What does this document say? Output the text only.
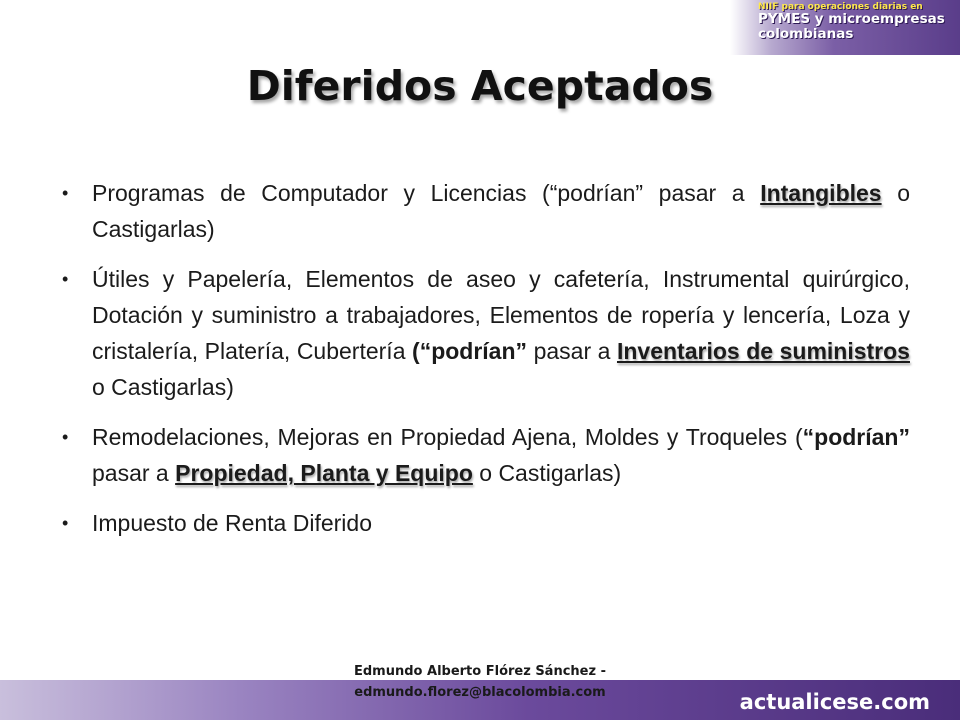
NIIF para operaciones diarias en
PYMES y microempresas
colombianas
Diferidos Aceptados
• Programas de Computador y Licencias (“podrían” pasar a Intangibles o Castigarlas)
• Útiles y Papelería, Elementos de aseo y cafetería, Instrumental quirúrgico, Dotación y suministro a trabajadores, Elementos de ropería y lencería, Loza y cristalería, Platería, Cubertería (“podrían” pasar a Inventarios de suministros o Castigarlas)
• Remodelaciones, Mejoras en Propiedad Ajena, Moldes y Troqueles (“podrían” pasar a Propiedad, Planta y Equipo o Castigarlas)
• Impuesto de Renta Diferido
Edmundo Alberto Flórez Sánchez -
edmundo.florez@blacolombia.com	actualicese.com
